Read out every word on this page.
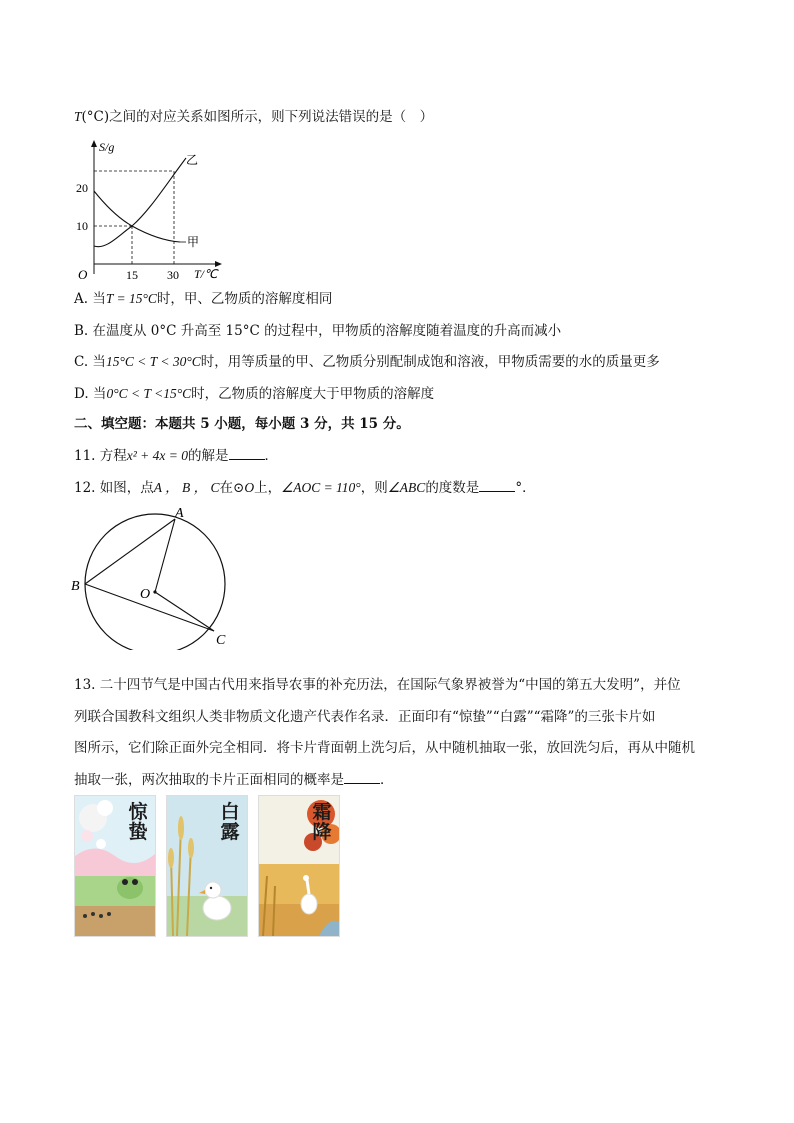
T(°C)之间的对应关系如图所示，则下列说法错误的是（　）
S/g
T/℃
O
10
20
15 30
甲
乙
A. 当T = 15°C时，甲、乙物质的溶解度相同
B. 在温度从 0°C 升高至 15°C 的过程中，甲物质的溶解度随着温度的升高而减小
C. 当15°C < T < 30°C时，用等质量的甲、乙物质分别配制成饱和溶液，甲物质需要的水的质量更多
D. 当0°C < T <15°C时，乙物质的溶解度大于甲物质的溶解度
二、填空题：本题共 5 小题，每小题 3 分，共 15 分。
11. 方程x² + 4x = 0的解是	．
12. 如图，点A ， B ， C在⊙O上，∠AOC = 110°，则∠ABC的度数是	°．
A
B
C
O
13. 二十四节气是中国古代用来指导农事的补充历法，在国际气象界被誉为“中国的第五大发明”，并位
列联合国教科文组织人类非物质文化遗产代表作名录．正面印有“惊蛰”“白露”“霜降”的三张卡片如
图所示，它们除正面外完全相同．将卡片背面朝上洗匀后，从中随机抽取一张，放回洗匀后，再从中随机
抽取一张，两次抽取的卡片正面相同的概率是	．
惊蛰
白露
霜降
